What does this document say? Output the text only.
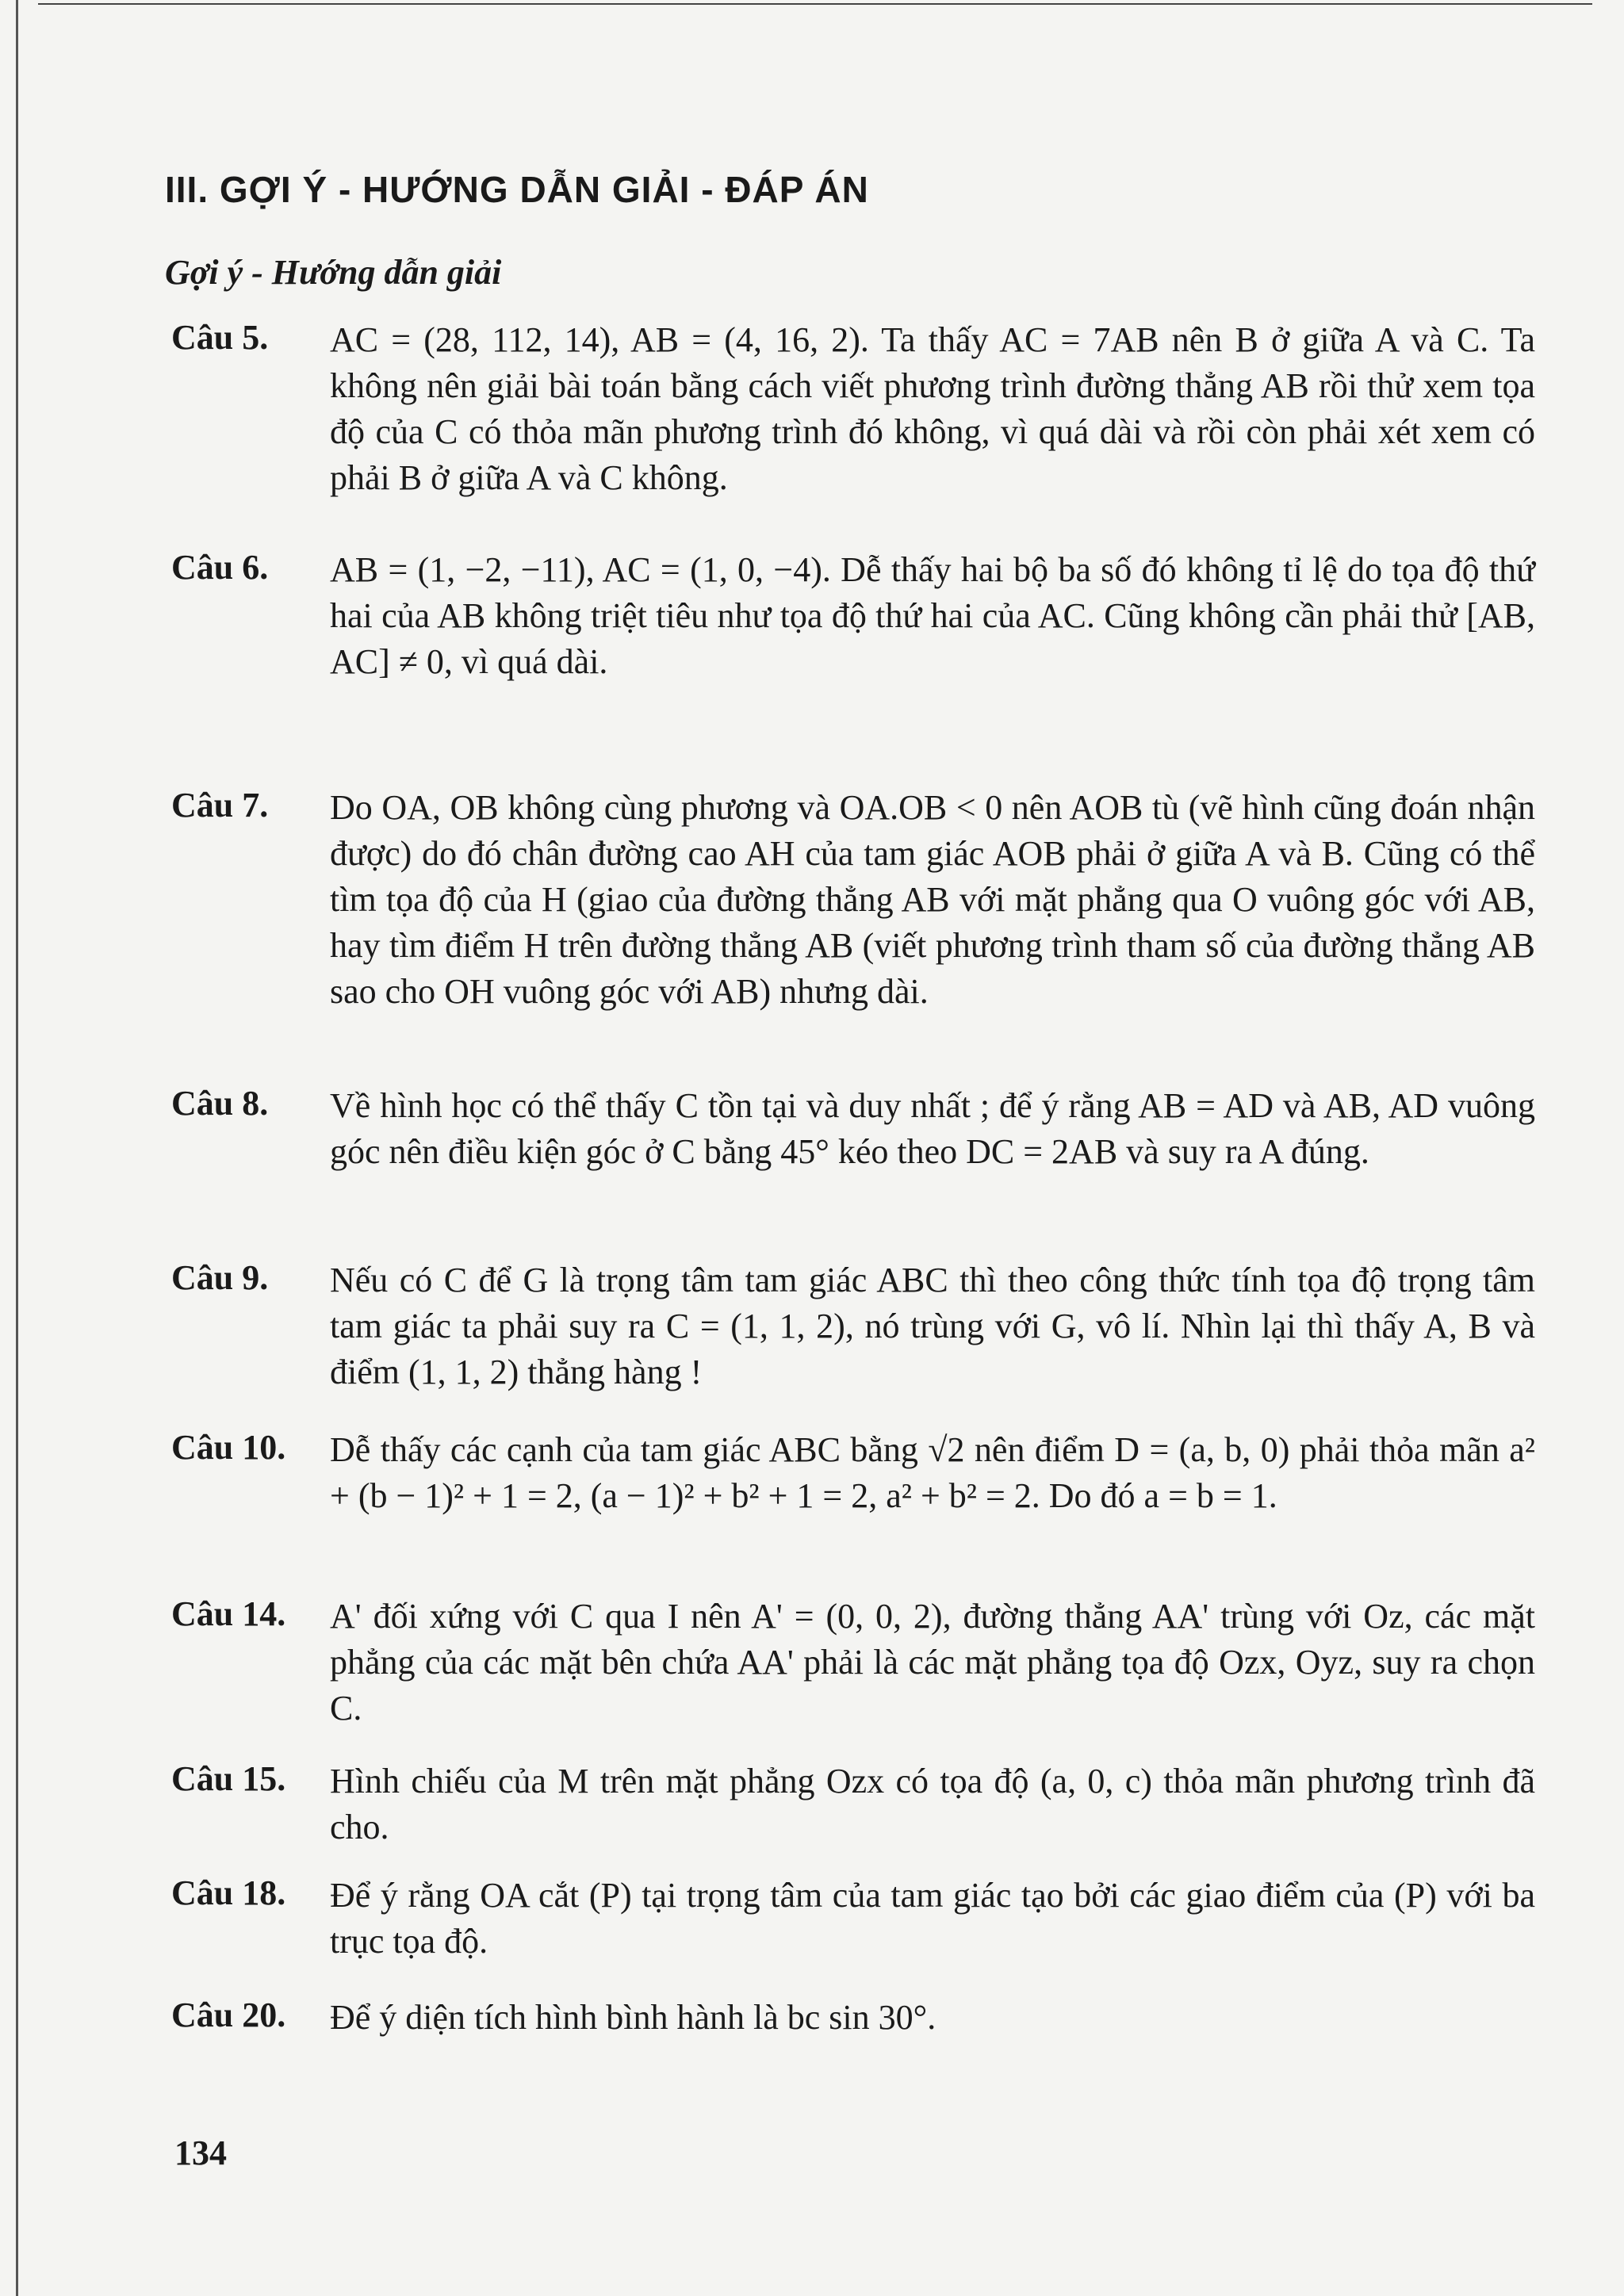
III. GỢI Ý - HƯỚNG DẪN GIẢI - ĐÁP ÁN
Gợi ý - Hướng dẫn giải
Câu 5. AC = (28, 112, 14), AB = (4, 16, 2). Ta thấy AC = 7AB nên B ở giữa A và C. Ta không nên giải bài toán bằng cách viết phương trình đường thẳng AB rồi thử xem tọa độ của C có thỏa mãn phương trình đó không, vì quá dài và rồi còn phải xét xem có phải B ở giữa A và C không.
Câu 6. AB = (1, −2, −11), AC = (1, 0, −4). Dễ thấy hai bộ ba số đó không tỉ lệ do tọa độ thứ hai của AB không triệt tiêu như tọa độ thứ hai của AC. Cũng không cần phải thử [AB, AC] ≠ 0, vì quá dài.
Câu 7. Do OA, OB không cùng phương và OA.OB < 0 nên AOB tù (vẽ hình cũng đoán nhận được) do đó chân đường cao AH của tam giác AOB phải ở giữa A và B. Cũng có thể tìm tọa độ của H (giao của đường thẳng AB với mặt phẳng qua O vuông góc với AB, hay tìm điểm H trên đường thẳng AB (viết phương trình tham số của đường thẳng AB sao cho OH vuông góc với AB) nhưng dài.
Câu 8. Về hình học có thể thấy C tồn tại và duy nhất ; để ý rằng AB = AD và AB, AD vuông góc nên điều kiện góc ở C bằng 45° kéo theo DC = 2AB và suy ra A đúng.
Câu 9. Nếu có C để G là trọng tâm tam giác ABC thì theo công thức tính tọa độ trọng tâm tam giác ta phải suy ra C = (1, 1, 2), nó trùng với G, vô lí. Nhìn lại thì thấy A, B và điểm (1, 1, 2) thẳng hàng !
Câu 10. Dễ thấy các cạnh của tam giác ABC bằng √2 nên điểm D = (a, b, 0) phải thỏa mãn a² + (b − 1)² + 1 = 2, (a − 1)² + b² + 1 = 2, a² + b² = 2. Do đó a = b = 1.
Câu 14. A' đối xứng với C qua I nên A' = (0, 0, 2), đường thẳng AA' trùng với Oz, các mặt phẳng của các mặt bên chứa AA' phải là các mặt phẳng tọa độ Ozx, Oyz, suy ra chọn C.
Câu 15. Hình chiếu của M trên mặt phẳng Ozx có tọa độ (a, 0, c) thỏa mãn phương trình đã cho.
Câu 18. Để ý rằng OA cắt (P) tại trọng tâm của tam giác tạo bởi các giao điểm của (P) với ba trục tọa độ.
Câu 20. Để ý diện tích hình bình hành là bc sin 30°.
134
